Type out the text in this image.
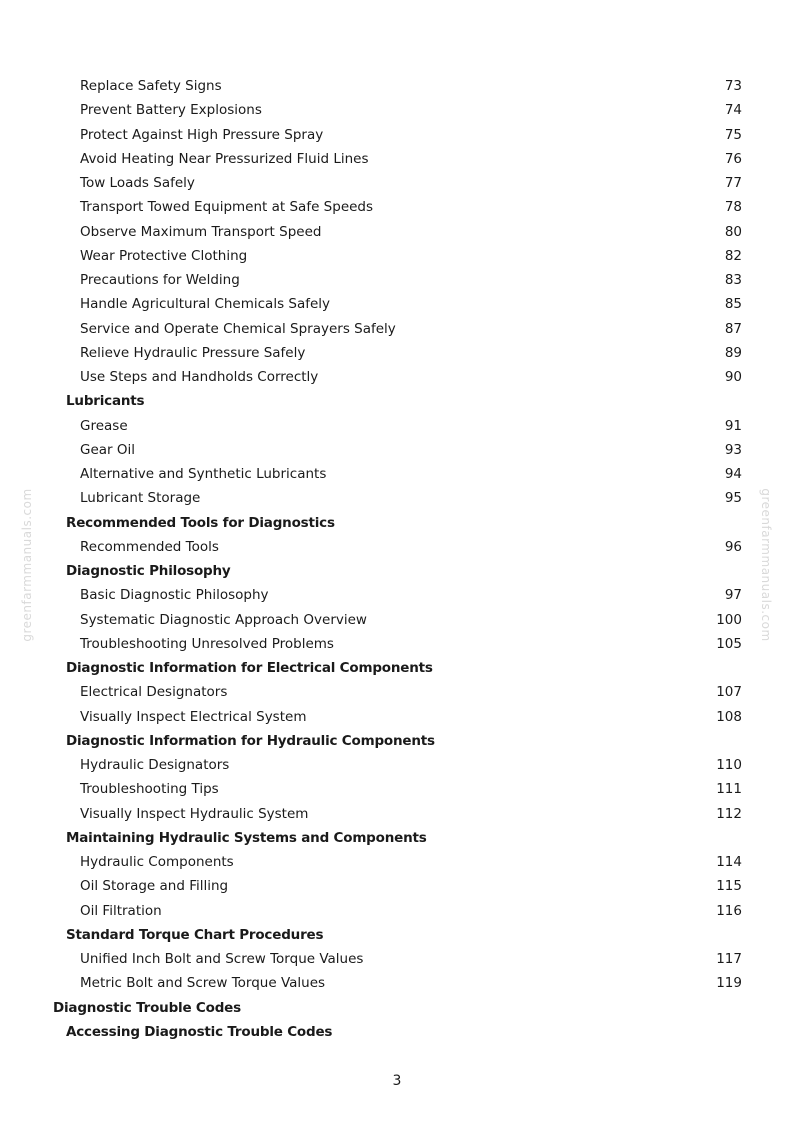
greenfarmmanuals.com	greenfarmmanuals.com
Replace Safety Signs	73
Prevent Battery Explosions	74
Protect Against High Pressure Spray	75
Avoid Heating Near Pressurized Fluid Lines	76
Tow Loads Safely	77
Transport Towed Equipment at Safe Speeds	78
Observe Maximum Transport Speed	80
Wear Protective Clothing	82
Precautions for Welding	83
Handle Agricultural Chemicals Safely	85
Service and Operate Chemical Sprayers Safely	87
Relieve Hydraulic Pressure Safely	89
Use Steps and Handholds Correctly	90
Lubricants
Grease	91
Gear Oil	93
Alternative and Synthetic Lubricants	94
Lubricant Storage	95
Recommended Tools for Diagnostics
Recommended Tools	96
Diagnostic Philosophy
Basic Diagnostic Philosophy	97
Systematic Diagnostic Approach Overview	100
Troubleshooting Unresolved Problems	105
Diagnostic Information for Electrical Components
Electrical Designators	107
Visually Inspect Electrical System	108
Diagnostic Information for Hydraulic Components
Hydraulic Designators	110
Troubleshooting Tips	111
Visually Inspect Hydraulic System	112
Maintaining Hydraulic Systems and Components
Hydraulic Components	114
Oil Storage and Filling	115
Oil Filtration	116
Standard Torque Chart Procedures
Unified Inch Bolt and Screw Torque Values	117
Metric Bolt and Screw Torque Values	119
Diagnostic Trouble Codes
Accessing Diagnostic Trouble Codes
3
